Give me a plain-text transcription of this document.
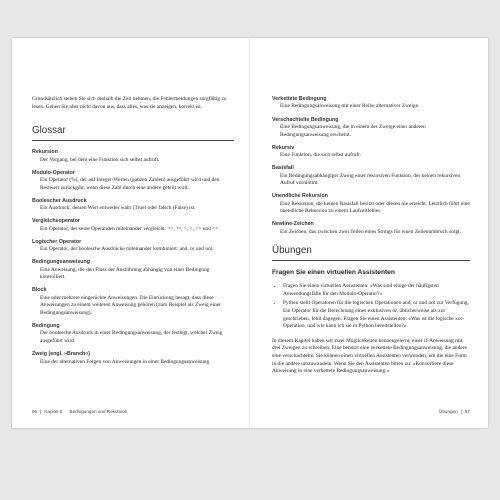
Grundsätzlich stehen Sie sich deshalb die Zeit nehmen, die Fehlermeldungen sorgfältig zu lesen. Gehen Sie aber nicht davon aus, dass alles, was sie anzeigen, korrekt ist.

Glossar
Rekursion

Der Vorgang, bei dem eine Funktion sich selbst aufruft.

Modulo-Operator

Ein Operator (%), der auf Integer-Werten (ganzen Zahlen) ausgeführt wird und den Restwert zurückgibt, wenn diese Zahl durch eine andere geteilt wird.

Boolescher Ausdruck

Ein Ausdruck, dessen Wert entweder wahr (True) oder falsch (False) ist.

Vergleichsoperator

Ein Operator, der seine Operanden miteinander vergleicht: ==, !=, >, <, >= und <=.

Logischer Operator

Ein Operator, der boolesche Ausdrücke miteinander kombiniert: and, or und not.

Bedingungsanweisung

Eine Anweisung, die den Fluss der Ausführung abhängig von einer Bedingung kontrolliert.

Block

Eine oder mehrere eingerückte Anweisungen. Die Einrückung besagt, dass diese Anweisungen zu einem weiteren Anweisung gehören (zum Beispiel als Zweig einer Bedingungsanweisung).

Bedingung

Der boolesche Ausdruck in einer Bedingungsanweisung, der festlegt, welcher Zweig ausgeführt wird.

Zweig (engl. »Branch«)

Eine der alternativen Folgen von Anweisungen in einer Bedingungsanweisung.

96 | Kapitel 5 Bedingungen und Rekursion
Verkettete Bedingung

Eine Bedingungsanweisung mit einer Reihe alternativer Zweige.

Verschachtelte Bedingung

Eine Bedingungsanweisung, die in einem der Zweige einer anderen Bedingungsanweisung erscheint.

Rekursiv

Eine Funktion, die sich selbst aufruft.

Basisfall

Ein Bedingungsabhängiger Zweig einer rekursiven Funktion, der keinen rekursiven Aufruf vornimmt.

Unendliche Rekursion

Eine Rekursion, die keinen Basisfall besitzt oder diesen nie erreicht. Letztlich führt eine unendliche Rekursion zu einem Laufzeitfehler.

Newline-Zeichen

Ein Zeichen, das zwischen zwei Teilen eines Strings für einen Zeilenumbruch sorgt.

Übungen
Fragen Sie einen virtuellen Assistenten
• Fragen Sie einen virtuellen Assistenten: »Was sind einige der häufigsten Anwendungsfälle für den Modulo-Operator?«
• Python stellt Operatoren für die logischen Operationen and, or und not zur Verfügung, Ein Operator für die Berechnung eines exklusiven or, üblicherweise als xor geschrieben, fehlt dagegen. Fragen Sie einen Assistenten: »Was ist die logische xor-Operation, und wie kann ich sie in Python bereitstellen?«

In diesem Kapitel haben wir zwei Möglichkeiten kennengelernt, einer if-Anweisung mit drei Zweigen zu schreiben. Eine benutzt eine verkettete Bedingungsanweisung, die andere eine verschachtelte. Sie können einen virtuellen Assistenten verwenden, um die eine Form in die andere umzuwandeln. Wenn Sie den Assistenten bitten zu: »Konvertiere diese Anweisung in eine verkettete Bedingungsanweisung.«

Übungen | 97
